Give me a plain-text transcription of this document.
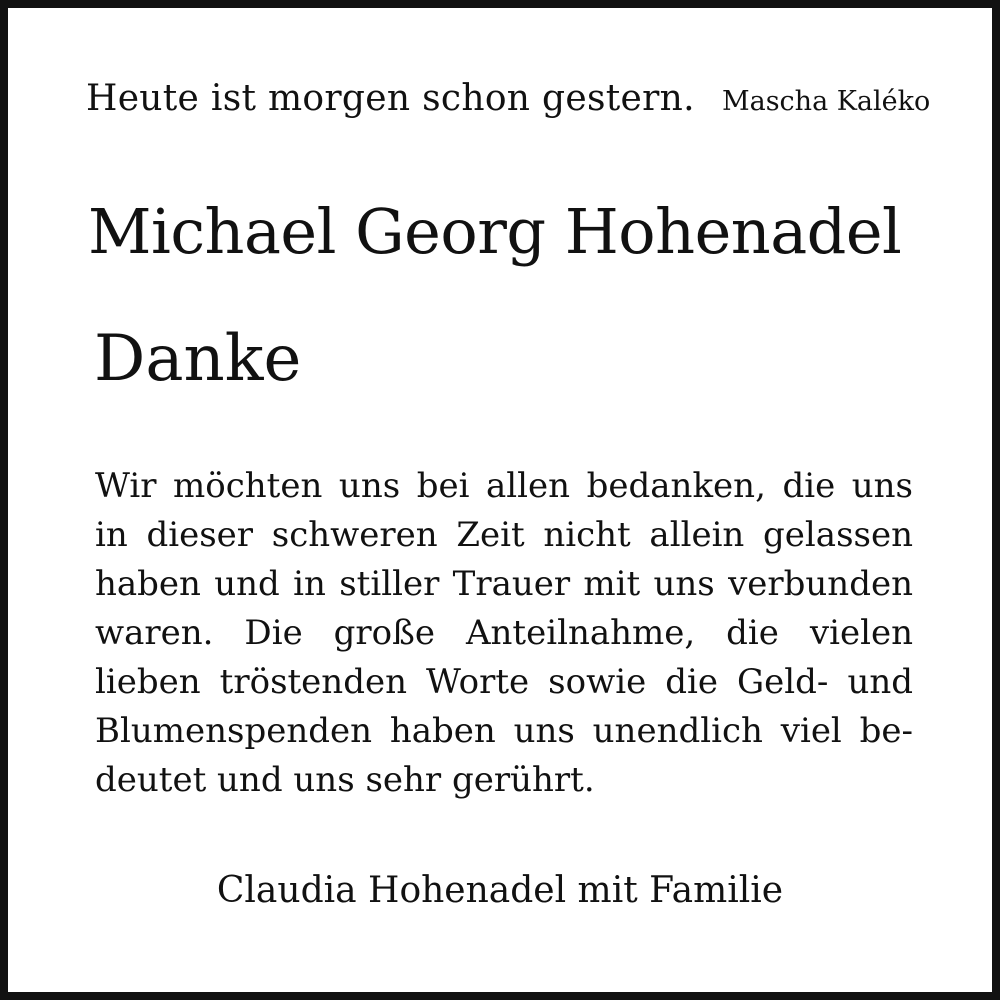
Heute ist morgen schon gestern. Mascha Kaléko
Michael Georg Hohenadel
Danke
Wir möchten uns bei allen bedanken, die uns
in dieser schweren Zeit nicht allein gelassen
haben und in stiller Trauer mit uns verbunden
waren. Die große Anteilnahme, die vielen
lieben tröstenden Worte sowie die Geld- und
Blumenspenden haben uns unendlich viel be-
deutet und uns sehr gerührt.
Claudia Hohenadel mit Familie
